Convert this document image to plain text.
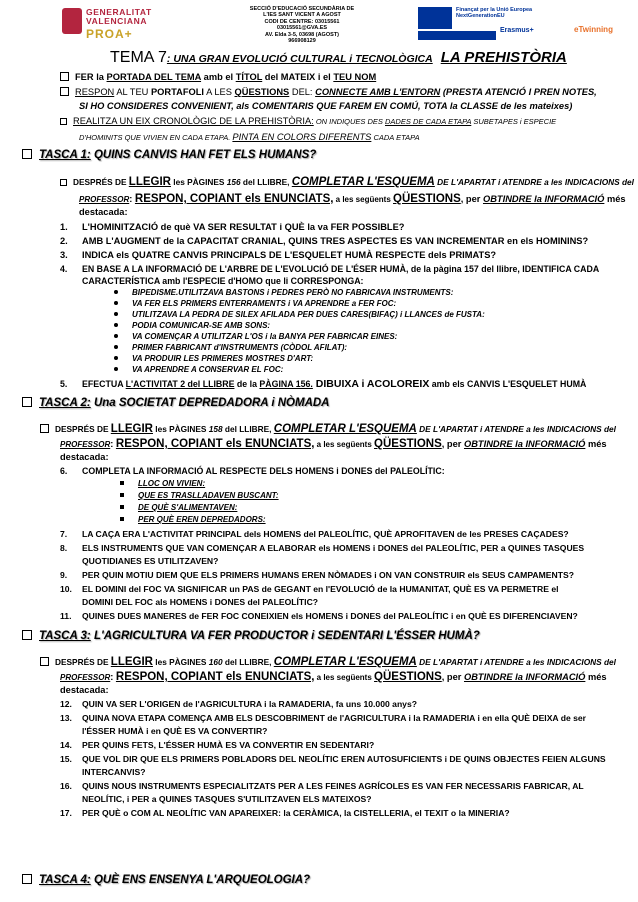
GENERALITAT
VALENCIANA
PROA+
SECCIÓ D'EDUCACIÓ SECUNDÀRIA DE
L'IES SANT VICENT A AGOST
CODI DE CENTRE: 03015561
03015561@GVA.ES
AV. Elda 3-5, 03698 (AGOST)
966908129
Finançat per la Unió Europea
NextGenerationEU
Erasmus+	eTwinning
TEMA 7: UNA GRAN EVOLUCIÓ CULTURAL i TECNOLÒGICA LA PREHISTÒRIA
FER la PORTADA DEL TEMA amb el TÍTOL del MATEIX i el TEU NOM
RESPON AL TEU PORTAFOLI A LES QÜESTIONS DEL: CONNECTE AMB L'ENTORN (PRESTA ATENCIÓ I PREN NOTES,
SI HO CONSIDERES CONVENIENT, als COMENTARIS QUE FAREM EN COMÚ, TOTA la CLASSE de les mateixes)
REALITZA UN EIX CRONOLÒGIC DE LA PREHISTÒRIA: ON INDIQUES DES DADES DE CADA ETAPA SUBETAPES i ESPECIE
D'HOMINITS QUE VIVIEN EN CADA ETAPA. PINTA EN COLORS DIFERENTS CADA ETAPA
TASCA 1: QUINS CANVIS HAN FET ELS HUMANS?
DESPRÉS DE LLEGIR les PÀGINES 156 del LLIBRE, COMPLETAR L'ESQUEMA DE L'APARTAT i ATENDRE a les INDICACIONS del
PROFESSOR: RESPON, COPIANT els ENUNCIATS, a les següents QÜESTIONS, per OBTINDRE la INFORMACIÓ més
destacada:
1. L'HOMINITZACIÓ de què VA SER RESULTAT i QUÈ la va FER POSSIBLE?
2. AMB L'AUGMENT de la CAPACITAT CRANIAL, QUINS TRES ASPECTES ES VAN INCREMENTAR en els HOMININS?
3. INDICA els QUATRE CANVIS PRINCIPALS DE L'ESQUELET HUMÀ RESPECTE dels PRIMATS?
4. EN BASE A LA INFORMACIÓ DE L'ARBRE DE L'EVOLUCIÓ DE L'ÉSER HUMÀ, de la pàgina 157 del llibre, IDENTIFICA CADA
CARACTERÍSTICA amb l'ESPECIE d'HOMO que li CORRESPONGA:
BIPEDISME.UTILITZAVA BASTONS i PEDRES PERÒ NO FABRICAVA INSTRUMENTS:
VA FER ELS PRIMERS ENTERRAMENTS i VA APRENDRE a FER FOC:
UTILITZAVA LA PEDRA DE SILEX AFILADA PER DUES CARES(BIFAÇ) i LLANCES de FUSTA:
PODIA COMUNICAR-SE AMB SONS:
VA COMENÇAR A UTILITZAR L'OS i la BANYA PER FABRICAR EINES:
PRIMER FABRICANT d'INSTRUMENTS (CÒDOL AFILAT):
VA PRODUIR LES PRIMERES MOSTRES D'ART:
VA APRENDRE A CONSERVAR EL FOC:
5. EFECTUA L'ACTIVITAT 2 del LLIBRE de la PÀGINA 156. DIBUIXA i ACOLOREIX amb els CANVIS L'ESQUELET HUMÀ
TASCA 2: Una SOCIETAT DEPREDADORA i NÒMADA
DESPRÉS DE LLEGIR les PÀGINES 158 del LLIBRE, COMPLETAR L'ESQUEMA DE L'APARTAT i ATENDRE a les INDICACIONS del
PROFESSOR: RESPON, COPIANT els ENUNCIATS, a les següents QÜESTIONS, per OBTINDRE la INFORMACIÓ més
destacada:
6. COMPLETA LA INFORMACIÓ AL RESPECTE DELS HOMENS i DONES del PALEOLÍTIC:
LLOC ON VIVIEN:
QUE ES TRASLLADAVEN BUSCANT:
DE QUÈ S'ALIMENTAVEN:
PER QUÈ EREN DEPREDADORS:
7. LA CAÇA ERA L'ACTIVITAT PRINCIPAL dels HOMENS del PALEOLÍTIC, QUÈ APROFITAVEN de les PRESES CAÇADES?
8. ELS INSTRUMENTS QUE VAN COMENÇAR A ELABORAR els HOMENS i DONES del PALEOLÍTIC, PER a QUINES TASQUES
QUOTIDIANES ES UTILITZAVEN?
9. PER QUIN MOTIU DIEM QUE ELS PRIMERS HUMANS EREN NÒMADES i ON VAN CONSTRUIR els SEUS CAMPAMENTS?
10. EL DOMINI del FOC VA SIGNIFICAR un PAS de GEGANT en l'EVOLUCIÓ de la HUMANITAT, QUÈ ES VA PERMETRE el
DOMINI DEL FOC als HOMENS i DONES del PALEOLÍTIC?
11. QUINES DUES MANERES de FER FOC CONEIXIEN els HOMENS i DONES del PALEOLÍTIC i en QUÈ ES DIFERENCIAVEN?
TASCA 3: L'AGRICULTURA VA FER PRODUCTOR i SEDENTARI L'ÉSSER HUMÀ?
DESPRÉS DE LLEGIR les PÀGINES 160 del LLIBRE, COMPLETAR L'ESQUEMA DE L'APARTAT i ATENDRE a les INDICACIONS del
PROFESSOR: RESPON, COPIANT els ENUNCIATS, a les següents QÜESTIONS, per OBTINDRE la INFORMACIÓ més
destacada:
12. QUIN VA SER L'ORIGEN de l'AGRICULTURA i la RAMADERIA, fa uns 10.000 anys?
13. QUINA NOVA ETAPA COMENÇA AMB ELS DESCOBRIMENT de l'AGRICULTURA i la RAMADERIA i en ella QUÈ DEIXA de ser
l'ÉSSER HUMÀ i en QUÈ ES VA CONVERTIR?
14. PER QUINS FETS, L'ÉSSER HUMÀ ES VA CONVERTIR EN SEDENTARI?
15. QUE VOL DIR QUE ELS PRIMERS POBLADORS DEL NEOLÍTIC EREN AUTOSUFICIENTS i DE QUINS OBJECTES FEIEN ALGUNS
INTERCANVIS?
16. QUINS NOUS INSTRUMENTS ESPECIALITZATS PER A LES FEINES AGRÍCOLES ES VAN FER NECESSARIS FABRICAR, AL
NEOLÍTIC, i PER a QUINES TASQUES S'UTILITZAVEN ELS MATEIXOS?
17. PER QUÈ o COM AL NEOLÍTIC VAN APAREIXER: la CERÀMICA, la CISTELLERIA, el TEXIT o la MINERIA?
TASCA 4: QUÈ ENS ENSENYA L'ARQUEOLOGIA?
